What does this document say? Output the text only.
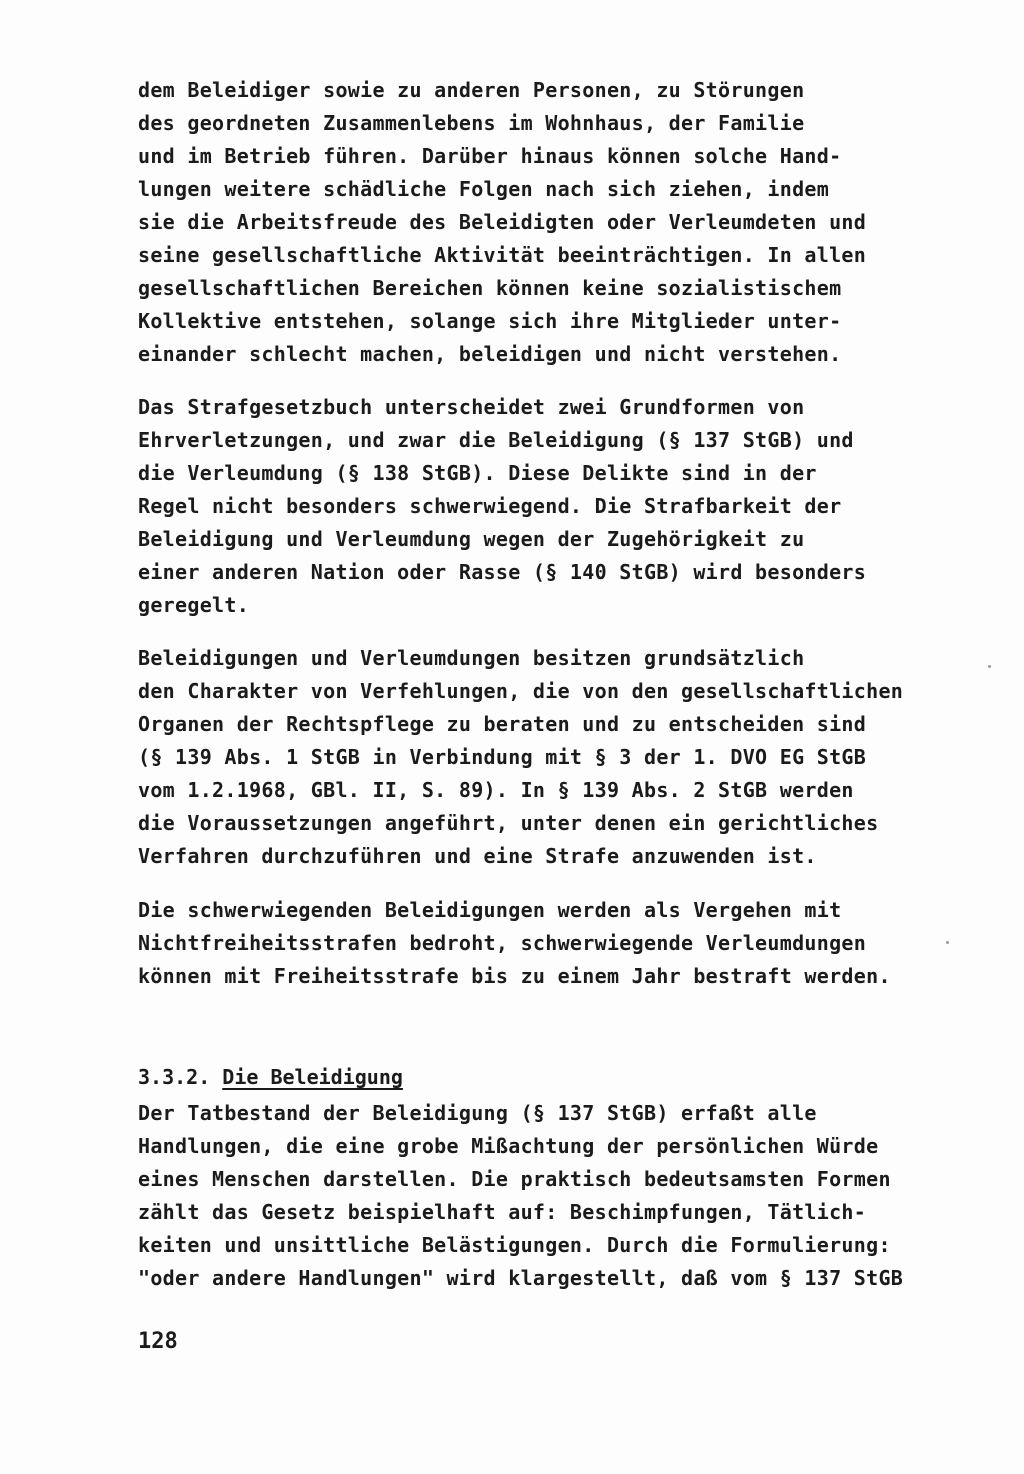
dem Beleidiger sowie zu anderen Personen, zu Störungen
des geordneten Zusammenlebens im Wohnhaus, der Familie
und im Betrieb führen. Darüber hinaus können solche Hand-
lungen weitere schädliche Folgen nach sich ziehen, indem
sie die Arbeitsfreude des Beleidigten oder Verleumdeten und
seine gesellschaftliche Aktivität beeinträchtigen. In allen
gesellschaftlichen Bereichen können keine sozialistischem
Kollektive entstehen, solange sich ihre Mitglieder unter-
einander schlecht machen, beleidigen und nicht verstehen.
Das Strafgesetzbuch unterscheidet zwei Grundformen von
Ehrverletzungen, und zwar die Beleidigung (§ 137 StGB) und
die Verleumdung (§ 138 StGB). Diese Delikte sind in der
Regel nicht besonders schwerwiegend. Die Strafbarkeit der
Beleidigung und Verleumdung wegen der Zugehörigkeit zu
einer anderen Nation oder Rasse (§ 140 StGB) wird besonders
geregelt.
Beleidigungen und Verleumdungen besitzen grundsätzlich
den Charakter von Verfehlungen, die von den gesellschaftlichen
Organen der Rechtspflege zu beraten und zu entscheiden sind
(§ 139 Abs. 1 StGB in Verbindung mit § 3 der 1. DVO EG StGB
vom 1.2.1968, GBl. II, S. 89). In § 139 Abs. 2 StGB werden
die Voraussetzungen angeführt, unter denen ein gerichtliches
Verfahren durchzuführen und eine Strafe anzuwenden ist.
Die schwerwiegenden Beleidigungen werden als Vergehen mit
Nichtfreiheitsstrafen bedroht, schwerwiegende Verleumdungen
können mit Freiheitsstrafe bis zu einem Jahr bestraft werden.
3.3.2. Die Beleidigung
Der Tatbestand der Beleidigung (§ 137 StGB) erfaßt alle
Handlungen, die eine grobe Mißachtung der persönlichen Würde
eines Menschen darstellen. Die praktisch bedeutsamsten Formen
zählt das Gesetz beispielhaft auf: Beschimpfungen, Tätlich-
keiten und unsittliche Belästigungen. Durch die Formulierung:
"oder andere Handlungen" wird klargestellt, daß vom § 137 StGB
128
